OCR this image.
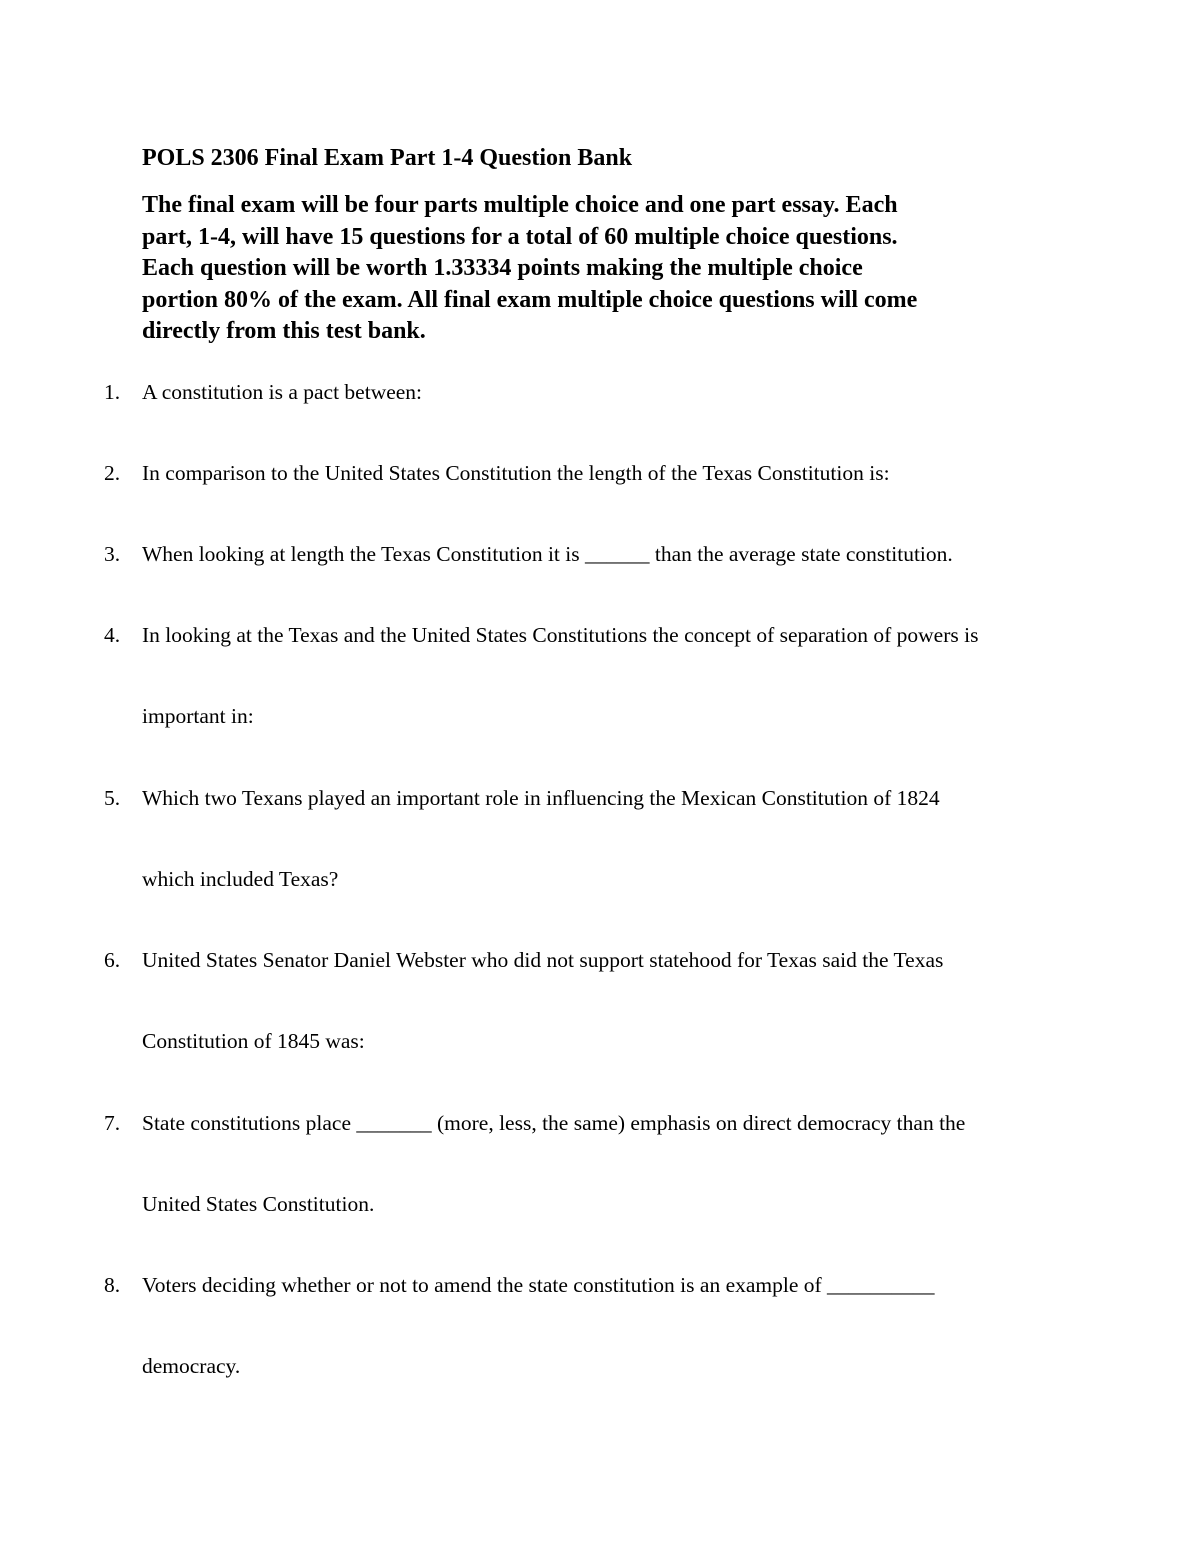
POLS 2306 Final Exam Part 1-4 Question Bank
The final exam will be four parts multiple choice and one part essay. Each
part, 1-4, will have 15 questions for a total of 60 multiple choice questions.
Each question will be worth 1.33334 points making the multiple choice
portion 80% of the exam. All final exam multiple choice questions will come
directly from this test bank.
1. A constitution is a pact between:
2. In comparison to the United States Constitution the length of the Texas Constitution is:
3. When looking at length the Texas Constitution it is ______ than the average state constitution.
4. In looking at the Texas and the United States Constitutions the concept of separation of powers is
important in:
5. Which two Texans played an important role in influencing the Mexican Constitution of 1824
which included Texas?
6. United States Senator Daniel Webster who did not support statehood for Texas said the Texas
Constitution of 1845 was:
7. State constitutions place _______ (more, less, the same) emphasis on direct democracy than the
United States Constitution.
8. Voters deciding whether or not to amend the state constitution is an example of __________
democracy.
